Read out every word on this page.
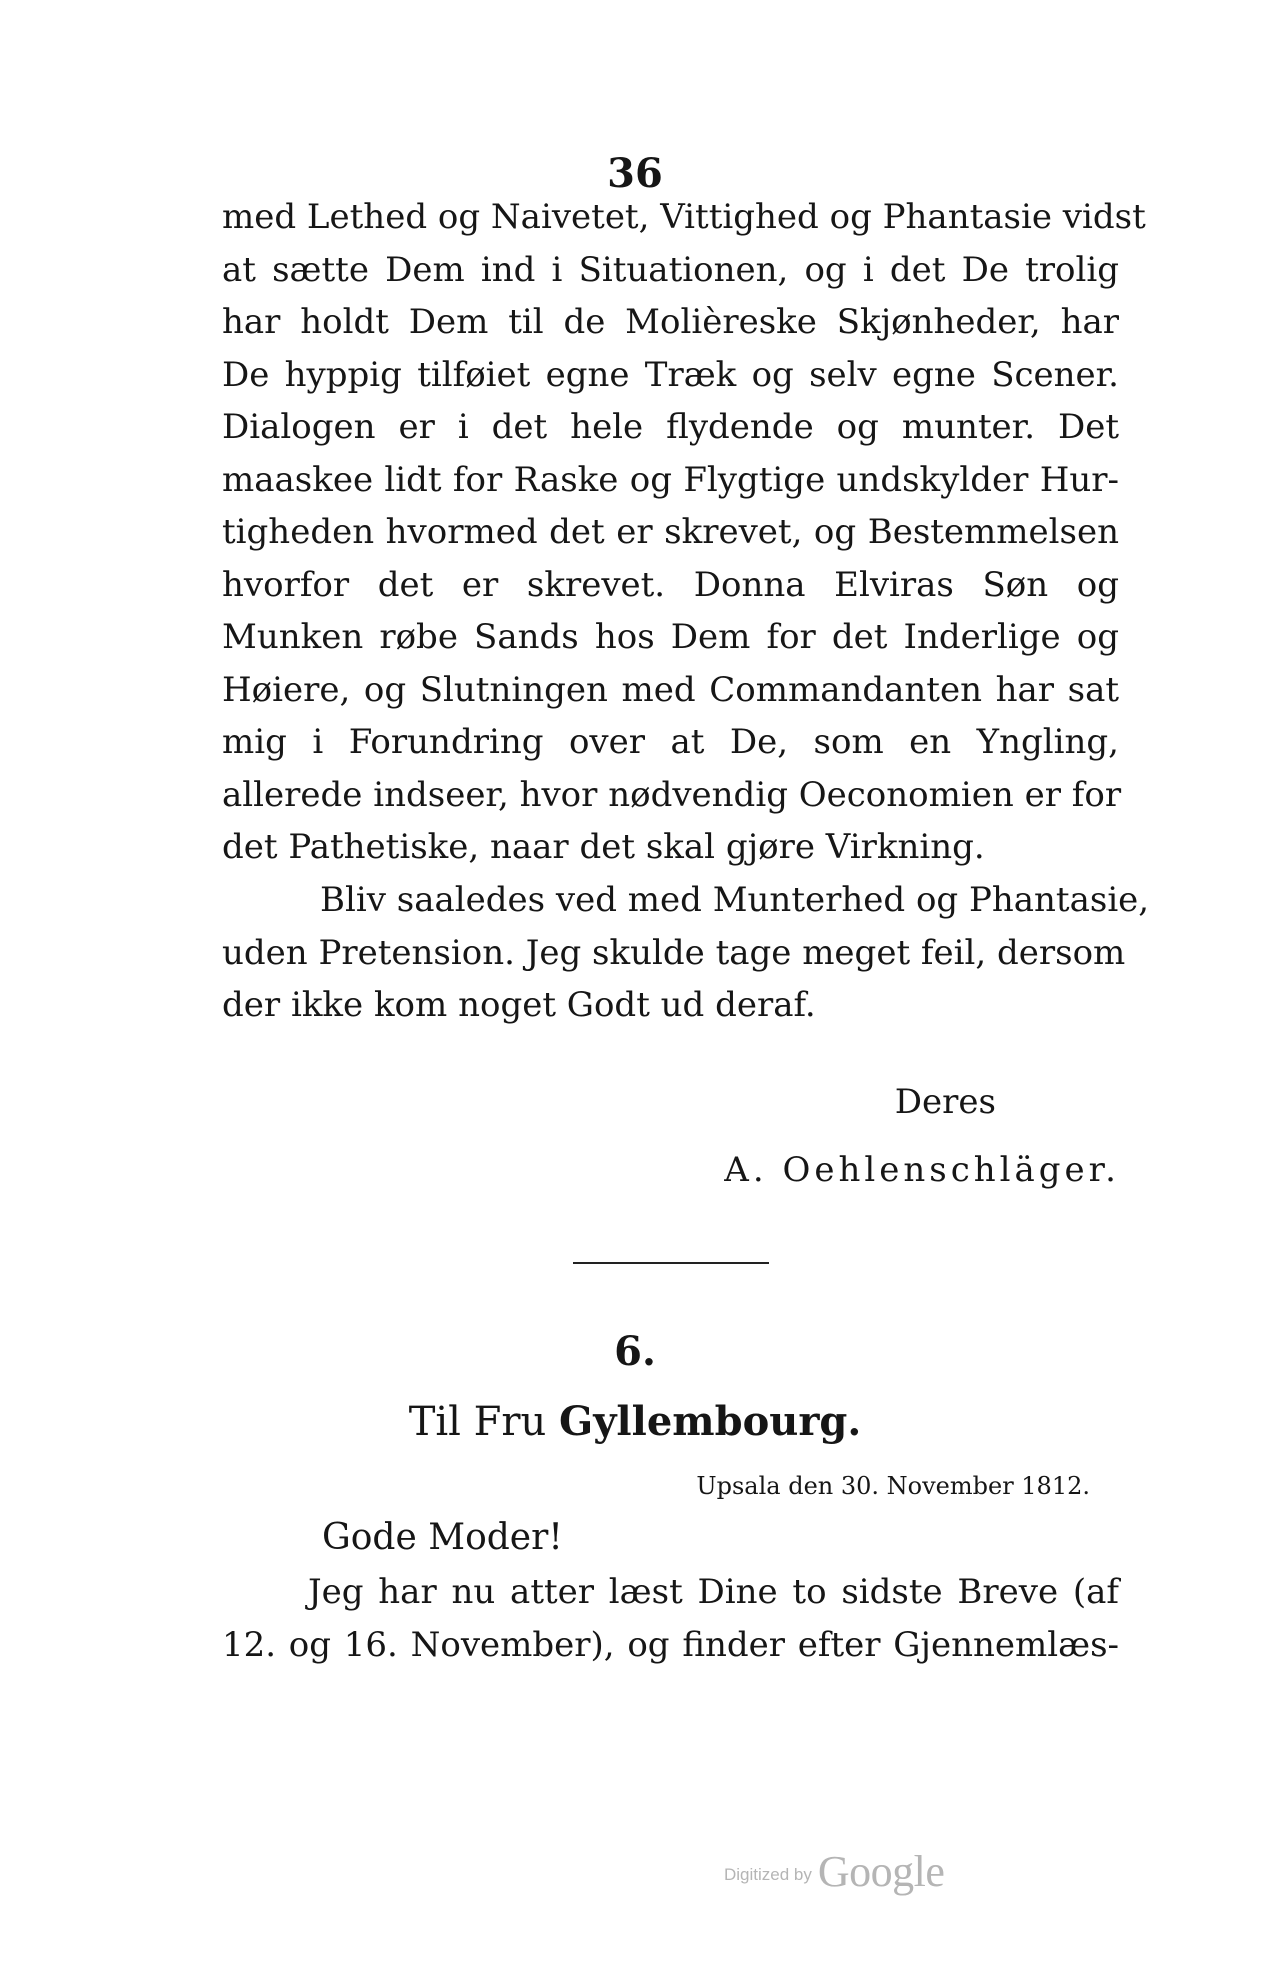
36
med Lethed og Naivetet, Vittighed og Phantasie vidst
at sætte Dem ind i Situationen, og i det De trolig
har holdt Dem til de Molièreske Skjønheder, har
De hyppig tilføiet egne Træk og selv egne Scener.
Dialogen er i det hele flydende og munter. Det
maaskee lidt for Raske og Flygtige undskylder Hur-
tigheden hvormed det er skrevet, og Bestemmelsen
hvorfor det er skrevet. Donna Elviras Søn og
Munken røbe Sands hos Dem for det Inderlige og
Høiere, og Slutningen med Commandanten har sat
mig i Forundring over at De, som en Yngling,
allerede indseer, hvor nødvendig Oeconomien er for
det Pathetiske, naar det skal gjøre Virkning.
Bliv saaledes ved med Munterhed og Phantasie,
uden Pretension. Jeg skulde tage meget feil, dersom
der ikke kom noget Godt ud deraf.
Deres
A. Oehlenschläger.
6.
Til Fru Gyllembourg.
Upsala den 30. November 1812.
Gode Moder!
Jeg har nu atter læst Dine to sidste Breve (af
12. og 16. November), og finder efter Gjennemlæs-
Digitized by Google
